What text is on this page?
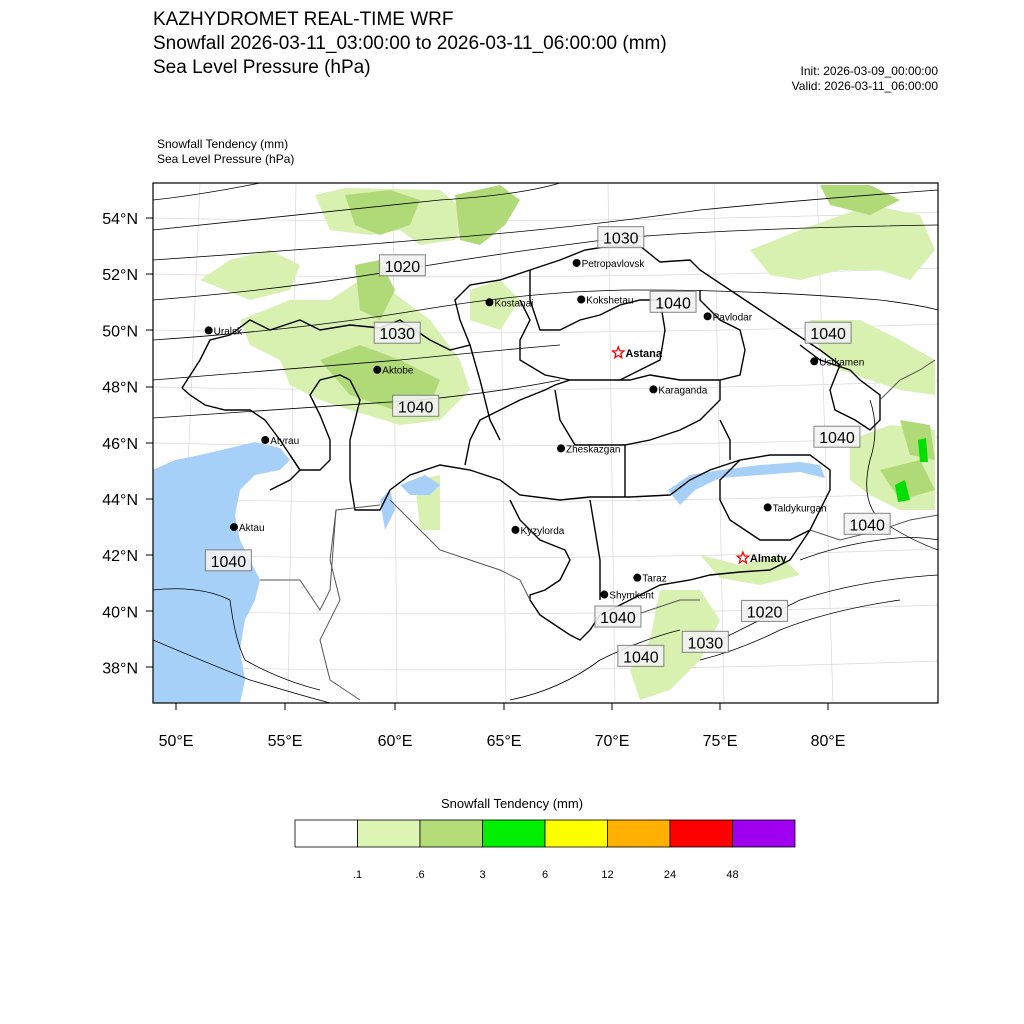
KAZHYDROMET REAL-TIME WRF
Snowfall 2026-03-11_03:00:00 to 2026-03-11_06:00:00 (mm)
Sea Level Pressure (hPa)	Init: 2026-03-09_00:00:00
Valid: 2026-03-11_06:00:00
Snowfall Tendency (mm)
Sea Level Pressure (hPa)
54°N
52°N
50°N
48°N
46°N
44°N
42°N
40°N
38°N
50°E	55°E	60°E	65°E	70°E	75°E	80°E
1020
1030
1040
1030	1040
1040
1040
1040
1040
1040	1020
1030
1040
Petropavlovsk
Kostanai	Kokshetau
Pavlodar
Uralsk
Ustkamen
Aktobe
Karaganda
Atyrau
Zheskazgan
Taldykurgan
Aktau	Kyzylorda
Taraz
Shymkent
Astana
Almaty
.1	.6	3	6	12	24	48
Snowfall Tendency (mm)
